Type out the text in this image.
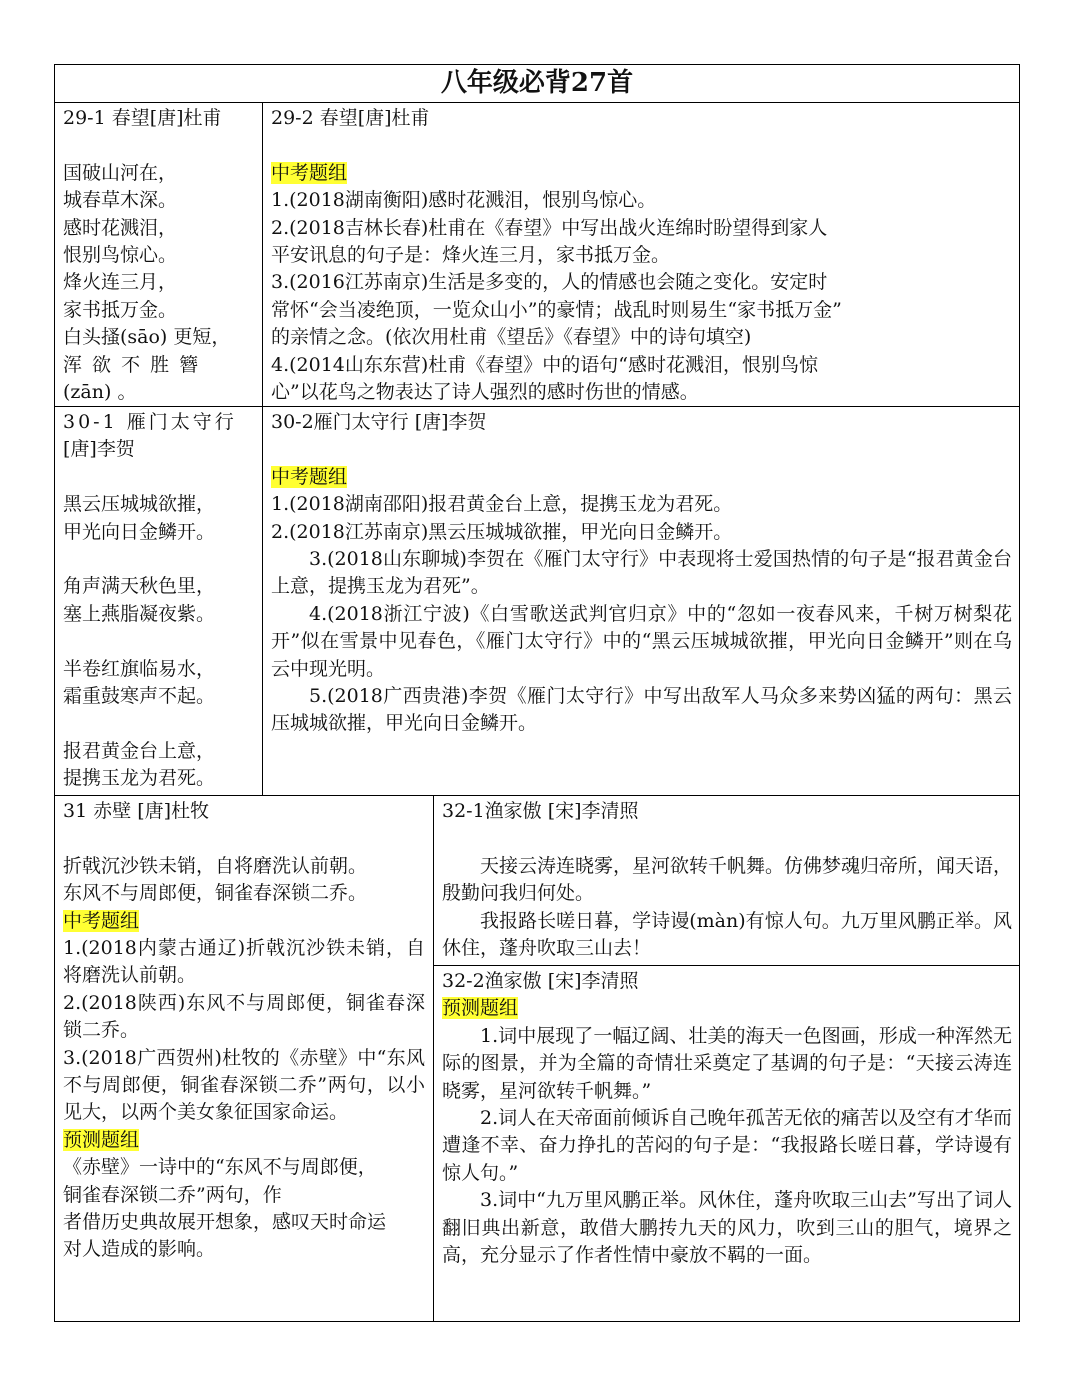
八年级必背27首
29-1 春望[唐]杜甫
国破山河在，
城春草木深。
感时花溅泪，
恨别鸟惊心。
烽火连三月，
家书抵万金。
白头搔(sāo) 更短，
浑 欲 不 胜 簪
(zān) 。
29-2 春望[唐]杜甫
中考题组
1.(2018湖南衡阳)感时花溅泪，恨别鸟惊心。
2.(2018吉林长春)杜甫在《春望》中写出战火连绵时盼望得到家人
平安讯息的句子是：烽火连三月，家书抵万金。
3.(2016江苏南京)生活是多变的，人的情感也会随之变化。安定时
常怀“会当凌绝顶，一览众山小”的豪情；战乱时则易生“家书抵万金”
的亲情之念。(依次用杜甫《望岳》《春望》中的诗句填空)
4.(2014山东东营)杜甫《春望》中的语句“感时花溅泪，恨别鸟惊
心”以花鸟之物表达了诗人强烈的感时伤世的情感。
30-1 雁门太守行
[唐]李贺
黑云压城城欲摧，
甲光向日金鳞开。
角声满天秋色里，
塞上燕脂凝夜紫。
半卷红旗临易水，
霜重鼓寒声不起。
报君黄金台上意，
提携玉龙为君死。
30-2雁门太守行 [唐]李贺
中考题组
1.(2018湖南邵阳)报君黄金台上意，提携玉龙为君死。
2.(2018江苏南京)黑云压城城欲摧，甲光向日金鳞开。
3.(2018山东聊城)李贺在《雁门太守行》中表现将士爱国热情的句子是“报君黄金台上意，提携玉龙为君死”。
4.(2018浙江宁波)《白雪歌送武判官归京》中的“忽如一夜春风来，千树万树梨花开”似在雪景中见春色，《雁门太守行》中的“黑云压城城欲摧，甲光向日金鳞开”则在乌云中现光明。
5.(2018广西贵港)李贺《雁门太守行》中写出敌军人马众多来势凶猛的两句：黑云压城城欲摧，甲光向日金鳞开。
31 赤壁 [唐]杜牧
折戟沉沙铁未销，自将磨洗认前朝。
东风不与周郎便，铜雀春深锁二乔。
中考题组
1.(2018内蒙古通辽)折戟沉沙铁未销，自将磨洗认前朝。
2.(2018陕西)东风不与周郎便，铜雀春深锁二乔。
3.(2018广西贺州)杜牧的《赤壁》中“东风不与周郎便，铜雀春深锁二乔”两句，以小见大，以两个美女象征国家命运。
预测题组
《赤壁》一诗中的“东风不与周郎便，
铜雀春深锁二乔”两句，作
者借历史典故展开想象，感叹天时命运
对人造成的影响。
32-1渔家傲 [宋]李清照
天接云涛连晓雾，星河欲转千帆舞。仿佛梦魂归帝所，闻天语，殷勤问我归何处。
我报路长嗟日暮，学诗谩(màn)有惊人句。九万里风鹏正举。风休住，蓬舟吹取三山去！
32-2渔家傲 [宋]李清照
预测题组
1.词中展现了一幅辽阔、壮美的海天一色图画，形成一种浑然无际的图景，并为全篇的奇情壮采奠定了基调的句子是：“天接云涛连晓雾，星河欲转千帆舞。”
2.词人在天帝面前倾诉自己晚年孤苦无依的痛苦以及空有才华而遭逢不幸、奋力挣扎的苦闷的句子是：“我报路长嗟日暮，学诗谩有惊人句。”
3.词中“九万里风鹏正举。风休住，蓬舟吹取三山去”写出了词人翻旧典出新意，敢借大鹏抟九天的风力，吹到三山的胆气，境界之高，充分显示了作者性情中豪放不羁的一面。
